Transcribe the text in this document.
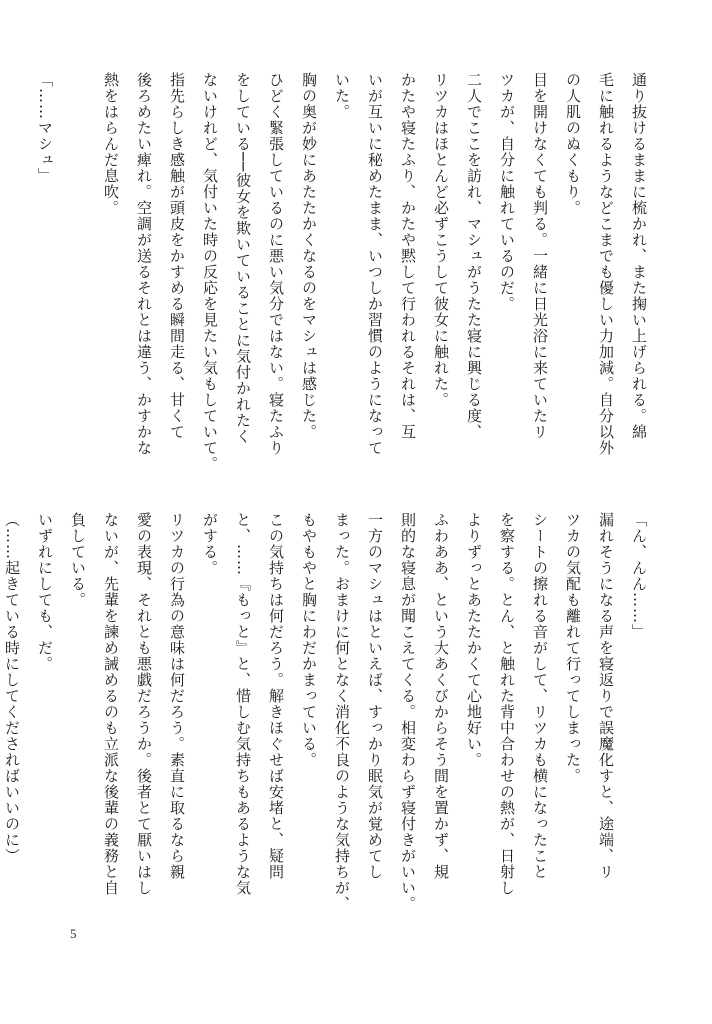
通り抜けるままに梳かれ、また掬い上げられる。綿
毛に触れるようなどこまでも優しい力加減。自分以外
の人肌のぬくもり。
目を開けなくても判る。一緒に日光浴に来ていたリ
ツカが、自分に触れているのだ。
二人でここを訪れ、マシュがうたた寝に興じる度、
リツカはほとんど必ずこうして彼女に触れた。
かたや寝たふり、かたや黙して行われるそれは、互
いが互いに秘めたまま、いつしか習慣のようになって
いた。
胸の奥が妙にあたたかくなるのをマシュは感じた。
ひどく緊張しているのに悪い気分ではない。寝たふり
をしている──彼女を欺いていることに気付かれたく
ないけれど、気付いた時の反応を見たい気もしていて。
指先らしき感触が頭皮をかすめる瞬間走る、甘くて
後ろめたい痺れ。空調が送るそれとは違う、かすかな
熱をはらんだ息吹。
「……マシュ」
「ん、んん……」
漏れそうになる声を寝返りで誤魔化すと、途端、リ
ツカの気配も離れて行ってしまった。
シートの擦れる音がして、リツカも横になったこと
を察する。とん、と触れた背中合わせの熱が、日射し
よりずっとあたたかくて心地好い。
ふわああ、という大あくびからそう間を置かず、規
則的な寝息が聞こえてくる。相変わらず寝付きがいい。
一方のマシュはといえば、すっかり眠気が覚めてし
まった。おまけに何となく消化不良のような気持ちが、
もやもやと胸にわだかまっている。
この気持ちは何だろう。解きほぐせば安堵と、疑問
と、……『もっと』と、惜しむ気持ちもあるような気
がする。
リツカの行為の意味は何だろう。素直に取るなら親
愛の表現、それとも悪戯だろうか。後者とて厭いはし
ないが、先輩を諫め誡めるのも立派な後輩の義務と自
負している。
いずれにしても、だ。
（……起きている時にしてくださればいいのに）
5
